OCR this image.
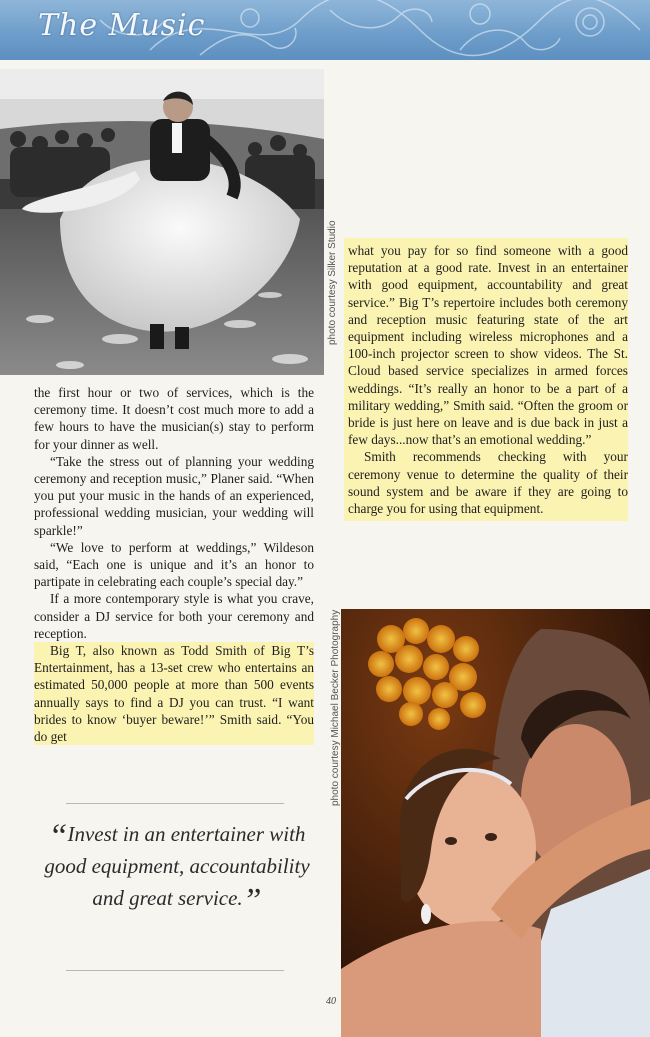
The Music
photo courtesy Silker Studio what you pay for so find someone with a good reputation at a good rate. Invest in an entertainer with good equipment, accountability and great service.” Big T’s repertoire includes both ceremony and reception music featuring state of the art equipment including wireless microphones and a 100-inch projector screen to show videos. The St. Cloud based service specializes in armed forces weddings. “It’s really an honor to be a part of a military wedding,” Smith said. “Often the groom or bride is just here on leave and is due back in just a few days...now that’s an emotional wedding.”

Smith recommends checking with your ceremony venue to determine the quality of their sound system and be aware if they are going to charge you for using that equipment.

the first hour or two of services, which is the ceremony time. It doesn’t cost much more to add a few hours to have the musician(s) stay to perform for your dinner as well.

“Take the stress out of planning your wedding ceremony and reception music,” Planer said. “When you put your music in the hands of an experienced, professional wedding musician, your wedding will sparkle!”

“We love to perform at weddings,” Wildeson said, “Each one is unique and it’s an honor to partipate in celebrating each couple’s special day.”

If a more contemporary style is what you crave, consider a DJ service for both your ceremony and reception.

Big T, also known as Todd Smith of Big T’s Entertainment, has a 13-set crew who entertains an estimated 50,000 people at more than 500 events annually says to find a DJ you can trust. “I want brides to know ‘buyer beware!’” Smith said. “You do get

“Invest in an entertainer with good equipment, accountability and great service.”
photo courtesy Michael Becker Photography
40
